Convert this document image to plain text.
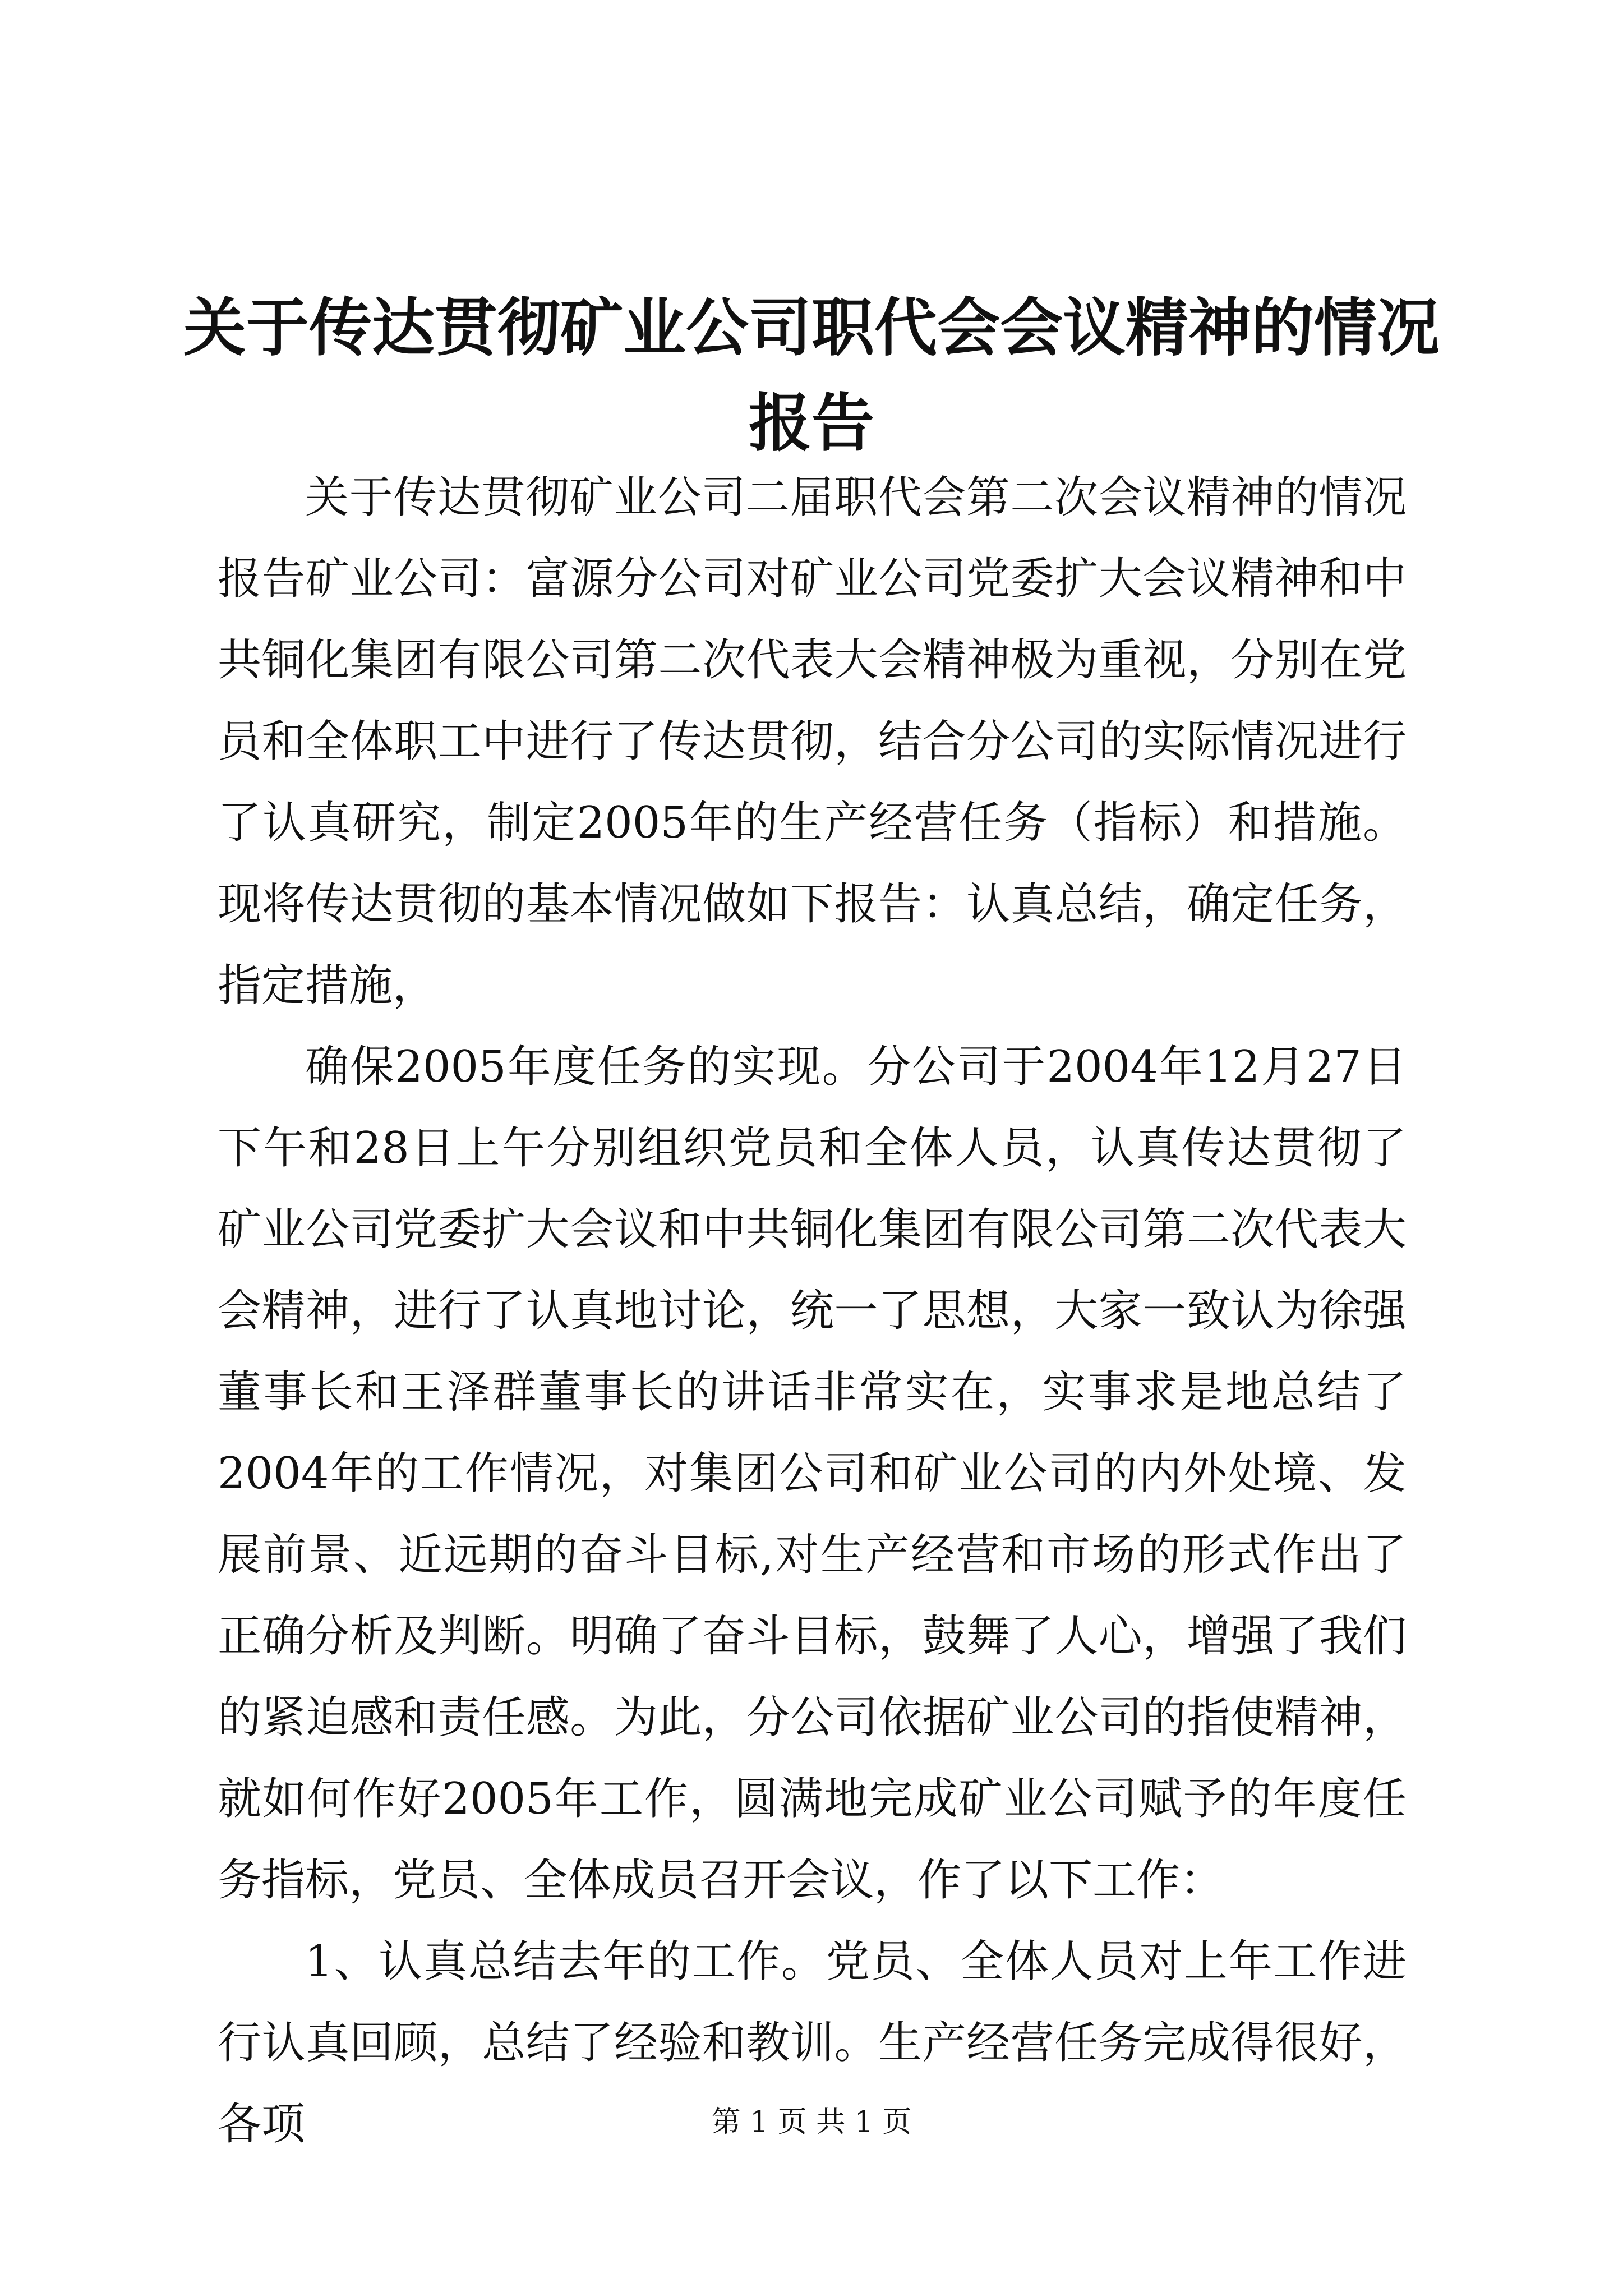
关于传达贯彻矿业公司职代会会议精神的情况报告

关于传达贯彻矿业公司二届职代会第二次会议精神的情况报告矿业公司：富源分公司对矿业公司党委扩大会议精神和中共铜化集团有限公司第二次代表大会精神极为重视，分别在党员和全体职工中进行了传达贯彻，结合分公司的实际情况进行了认真研究，制定2005年的生产经营任务（指标）和措施。现将传达贯彻的基本情况做如下报告：认真总结，确定任务，指定措施，

确保2005年度任务的实现。分公司于2004年12月27日下午和28日上午分别组织党员和全体人员，认真传达贯彻了矿业公司党委扩大会议和中共铜化集团有限公司第二次代表大会精神，进行了认真地讨论，统一了思想，大家一致认为徐强董事长和王泽群董事长的讲话非常实在，实事求是地总结了2004年的工作情况，对集团公司和矿业公司的内外处境、发展前景、近远期的奋斗目标,对生产经营和市场的形式作出了正确分析及判断。明确了奋斗目标，鼓舞了人心，增强了我们的紧迫感和责任感。为此，分公司依据矿业公司的指使精神，就如何作好2005年工作，圆满地完成矿业公司赋予的年度任务指标，党员、全体成员召开会议，作了以下工作：

1、认真总结去年的工作。党员、全体人员对上年工作进行认真回顾，总结了经验和教训。生产经营任务完成得很好，各项	第 1 页 共 1 页
